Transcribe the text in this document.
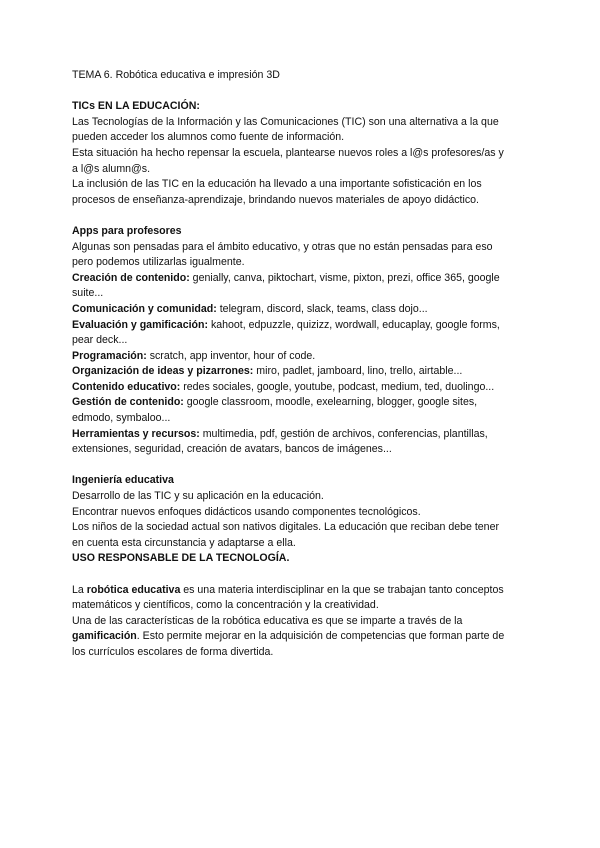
TEMA 6. Robótica educativa e impresión 3D
TICs EN LA EDUCACIÓN:
Las Tecnologías de la Información y las Comunicaciones (TIC) son una alternativa a la que
pueden acceder los alumnos como fuente de información.
Esta situación ha hecho repensar la escuela, plantearse nuevos roles a l@s profesores/as y
a l@s alumn@s.
La inclusión de las TIC en la educación ha llevado a una importante sofisticación en los
procesos de enseñanza-aprendizaje, brindando nuevos materiales de apoyo didáctico.
Apps para profesores
Algunas son pensadas para el ámbito educativo, y otras que no están pensadas para eso
pero podemos utilizarlas igualmente.
Creación de contenido: genially, canva, piktochart, visme, pixton, prezi, office 365, google
suite...
Comunicación y comunidad: telegram, discord, slack, teams, class dojo...
Evaluación y gamificación: kahoot, edpuzzle, quizizz, wordwall, educaplay, google forms,
pear deck...
Programación: scratch, app inventor, hour of code.
Organización de ideas y pizarrones: miro, padlet, jamboard, lino, trello, airtable...
Contenido educativo: redes sociales, google, youtube, podcast, medium, ted, duolingo...
Gestión de contenido: google classroom, moodle, exelearning, blogger, google sites,
edmodo, symbaloo...
Herramientas y recursos: multimedia, pdf, gestión de archivos, conferencias, plantillas,
extensiones, seguridad, creación de avatars, bancos de imágenes...
Ingeniería educativa
Desarrollo de las TIC y su aplicación en la educación.
Encontrar nuevos enfoques didácticos usando componentes tecnológicos.
Los niños de la sociedad actual son nativos digitales. La educación que reciban debe tener
en cuenta esta circunstancia y adaptarse a ella.
USO RESPONSABLE DE LA TECNOLOGÍA.
La robótica educativa es una materia interdisciplinar en la que se trabajan tanto conceptos
matemáticos y científicos, como la concentración y la creatividad.
Una de las características de la robótica educativa es que se imparte a través de la
gamificación. Esto permite mejorar en la adquisición de competencias que forman parte de
los currículos escolares de forma divertida.
